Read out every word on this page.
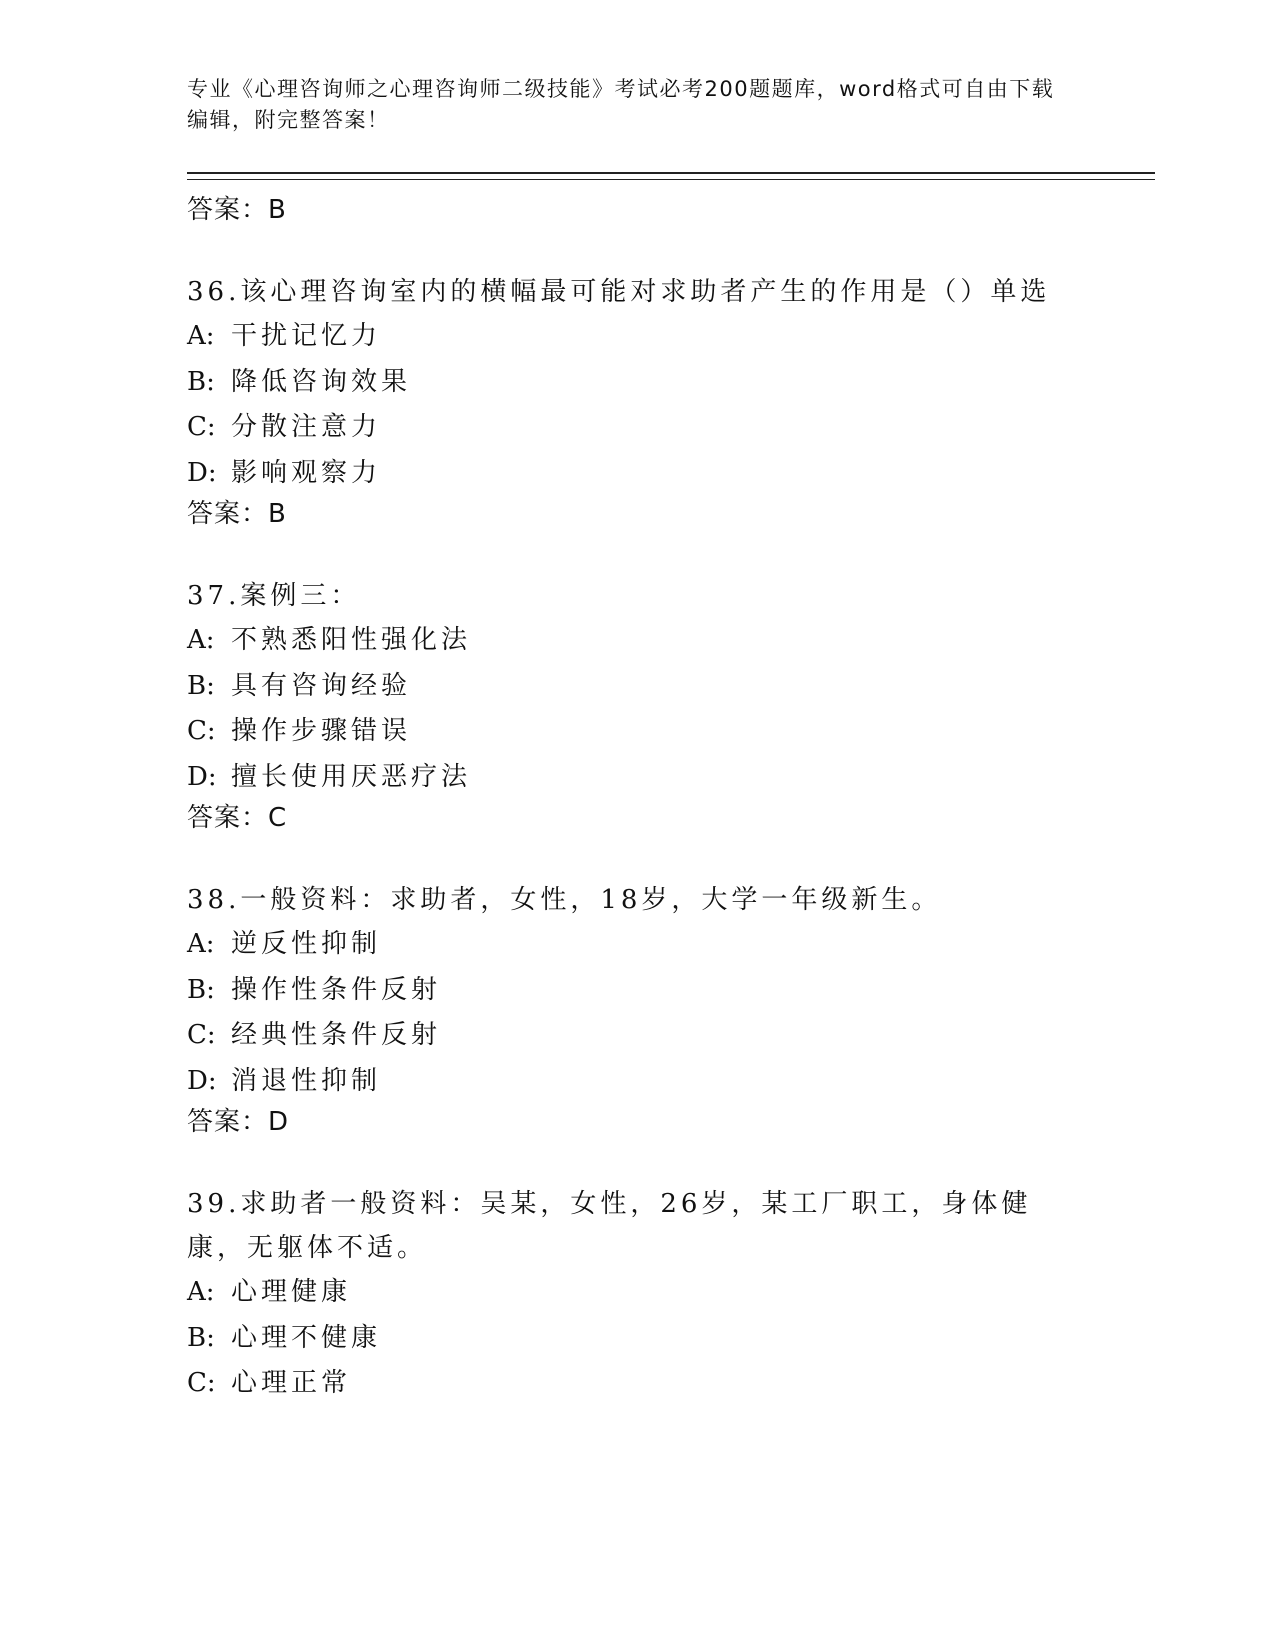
专业《心理咨询师之心理咨询师二级技能》考试必考200题题库，word格式可自由下载编辑，附完整答案！
答案：B
36.该心理咨询室内的横幅最可能对求助者产生的作用是（）单选
A: 干扰记忆力
B: 降低咨询效果
C: 分散注意力
D: 影响观察力
答案：B
37.案例三：
A: 不熟悉阳性强化法
B: 具有咨询经验
C: 操作步骤错误
D: 擅长使用厌恶疗法
答案：C
38.一般资料：求助者，女性，18岁，大学一年级新生。
A: 逆反性抑制
B: 操作性条件反射
C: 经典性条件反射
D: 消退性抑制
答案：D
39.求助者一般资料：吴某，女性，26岁，某工厂职工，身体健康，无躯体不适。
A: 心理健康
B: 心理不健康
C: 心理正常
